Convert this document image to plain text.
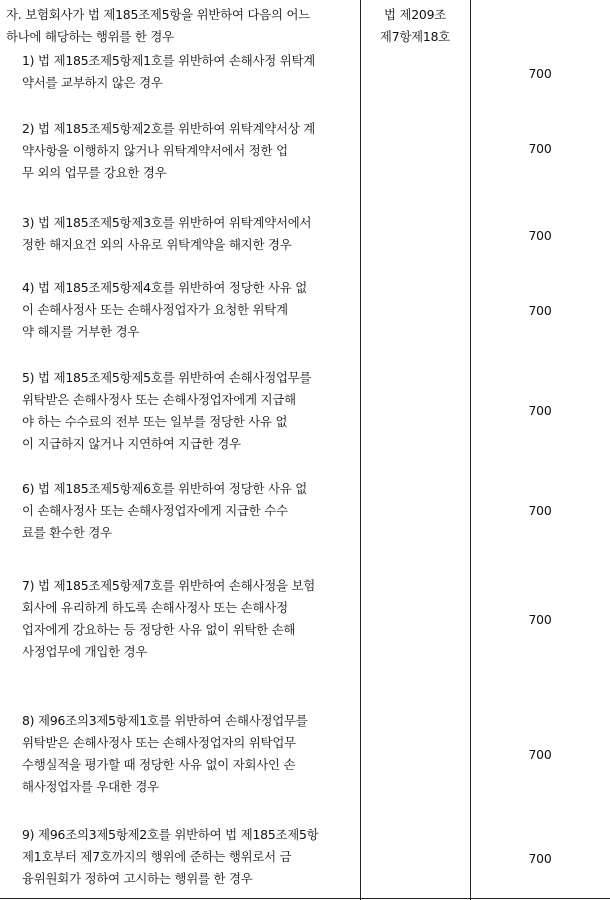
자. 보험회사가 법 제185조제5항을 위반하여 다음의 어느
하나에 해당하는 행위를 한 경우
법 제209조
제7항제18호
1) 법 제185조제5항제1호를 위반하여 손해사정 위탁계
약서를 교부하지 않은 경우
700
2) 법 제185조제5항제2호를 위반하여 위탁계약서상 계
약사항을 이행하지 않거나 위탁계약서에서 정한 업
무 외의 업무를 강요한 경우
700
3) 법 제185조제5항제3호를 위반하여 위탁계약서에서
정한 해지요건 외의 사유로 위탁계약을 해지한 경우
700
4) 법 제185조제5항제4호를 위반하여 정당한 사유 없
이 손해사정사 또는 손해사정업자가 요청한 위탁계
약 해지를 거부한 경우
700
5) 법 제185조제5항제5호를 위반하여 손해사정업무를
위탁받은 손해사정사 또는 손해사정업자에게 지급해
야 하는 수수료의 전부 또는 일부를 정당한 사유 없
이 지급하지 않거나 지연하여 지급한 경우
700
6) 법 제185조제5항제6호를 위반하여 정당한 사유 없
이 손해사정사 또는 손해사정업자에게 지급한 수수
료를 환수한 경우
700
7) 법 제185조제5항제7호를 위반하여 손해사정을 보험
회사에 유리하게 하도록 손해사정사 또는 손해사정
업자에게 강요하는 등 정당한 사유 없이 위탁한 손해
사정업무에 개입한 경우
700
8) 제96조의3제5항제1호를 위반하여 손해사정업무를
위탁받은 손해사정사 또는 손해사정업자의 위탁업무
수행실적을 평가할 때 정당한 사유 없이 자회사인 손
해사정업자를 우대한 경우
700
9) 제96조의3제5항제2호를 위반하여 법 제185조제5항
제1호부터 제7호까지의 행위에 준하는 행위로서 금
융위원회가 정하여 고시하는 행위를 한 경우
700
